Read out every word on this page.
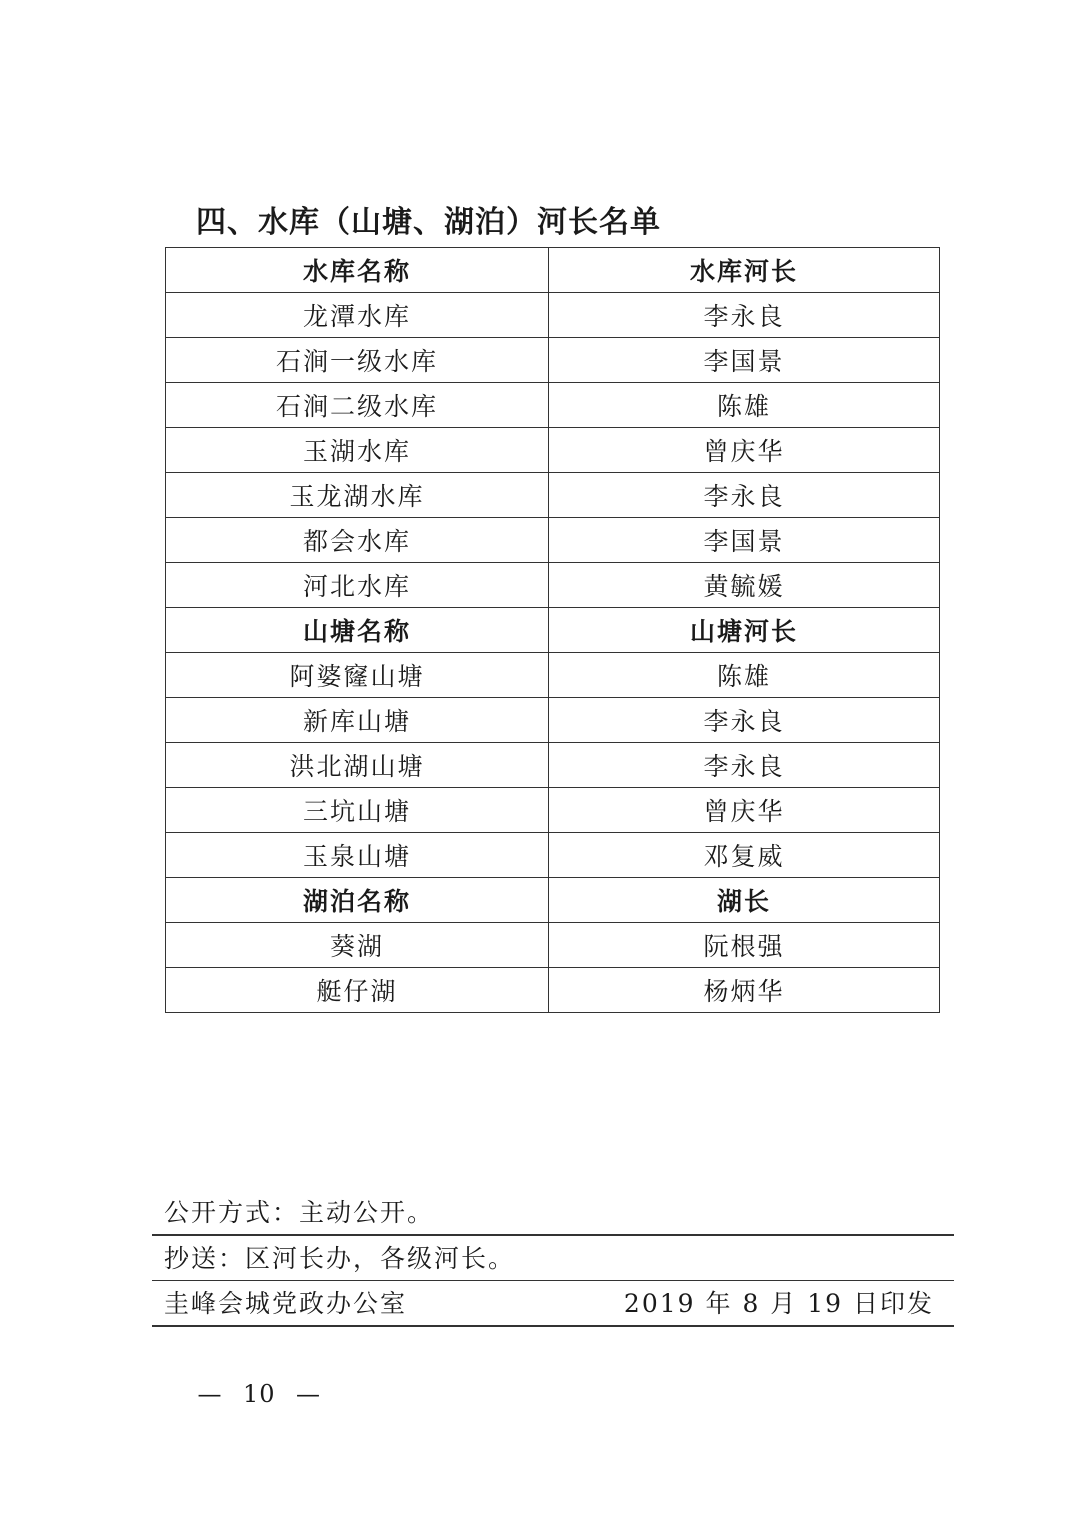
四、水库（山塘、湖泊）河长名单
水库名称	水库河长
龙潭水库	李永良
石涧一级水库	李国景
石涧二级水库	陈雄
玉湖水库	曾庆华
玉龙湖水库	李永良
都会水库	李国景
河北水库	黄毓媛
山塘名称	山塘河长
阿婆窿山塘	陈雄
新库山塘	李永良
洪北湖山塘	李永良
三坑山塘	曾庆华
玉泉山塘	邓复威
湖泊名称	湖长
葵湖	阮根强
艇仔湖	杨炳华
公开方式：主动公开。
抄送：区河长办，各级河长。
圭峰会城党政办公室	2019 年 8 月 19 日印发
— 10 —
